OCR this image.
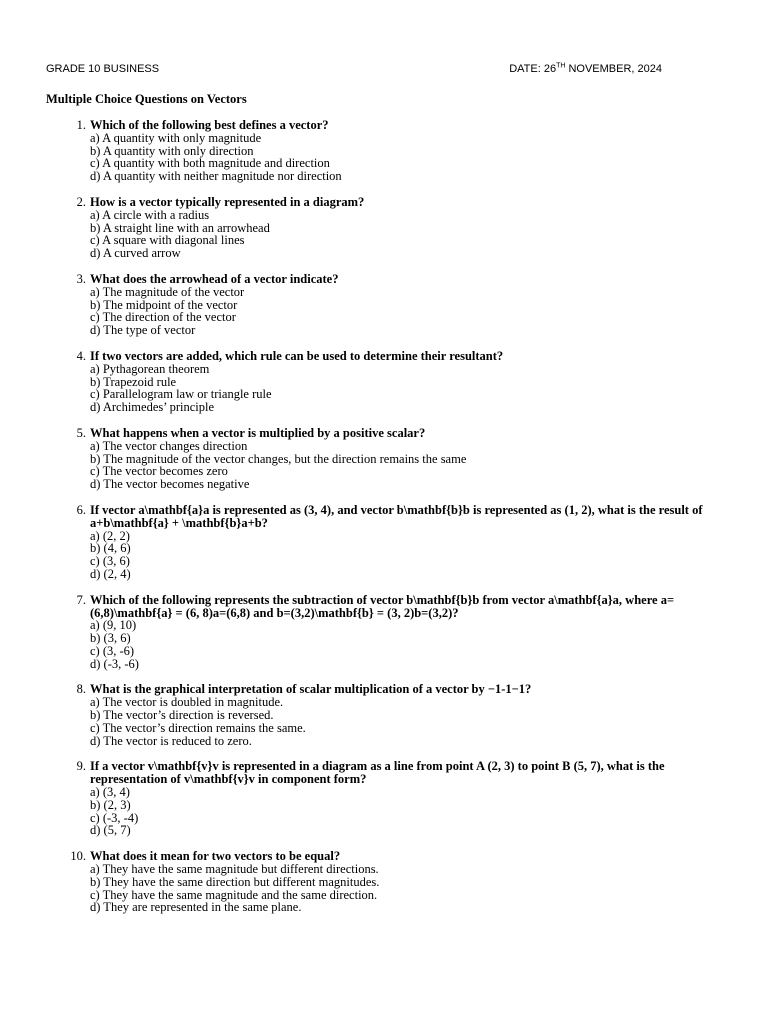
GRADE 10 BUSINESS	DATE: 26TH NOVEMBER, 2024
Multiple Choice Questions on Vectors
1. Which of the following best defines a vector?
a) A quantity with only magnitude
b) A quantity with only direction
c) A quantity with both magnitude and direction
d) A quantity with neither magnitude nor direction
2. How is a vector typically represented in a diagram?
a) A circle with a radius
b) A straight line with an arrowhead
c) A square with diagonal lines
d) A curved arrow
3. What does the arrowhead of a vector indicate?
a) The magnitude of the vector
b) The midpoint of the vector
c) The direction of the vector
d) The type of vector
4. If two vectors are added, which rule can be used to determine their resultant?
a) Pythagorean theorem
b) Trapezoid rule
c) Parallelogram law or triangle rule
d) Archimedes’ principle
5. What happens when a vector is multiplied by a positive scalar?
a) The vector changes direction
b) The magnitude of the vector changes, but the direction remains the same
c) The vector becomes zero
d) The vector becomes negative
6. If vector a\mathbf{a}a is represented as (3, 4), and vector b\mathbf{b}b is represented as (1, 2), what is the result of a+b\mathbf{a} + \mathbf{b}a+b?
a) (2, 2)
b) (4, 6)
c) (3, 6)
d) (2, 4)
7. Which of the following represents the subtraction of vector b\mathbf{b}b from vector a\mathbf{a}a, where a=(6,8)\mathbf{a} = (6, 8)a=(6,8) and b=(3,2)\mathbf{b} = (3, 2)b=(3,2)?
a) (9, 10)
b) (3, 6)
c) (3, -6)
d) (-3, -6)
8. What is the graphical interpretation of scalar multiplication of a vector by −1-1−1?
a) The vector is doubled in magnitude.
b) The vector’s direction is reversed.
c) The vector’s direction remains the same.
d) The vector is reduced to zero.
9. If a vector v\mathbf{v}v is represented in a diagram as a line from point A (2, 3) to point B (5, 7), what is the representation of v\mathbf{v}v in component form?
a) (3, 4)
b) (2, 3)
c) (-3, -4)
d) (5, 7)
10. What does it mean for two vectors to be equal?
a) They have the same magnitude but different directions.
b) They have the same direction but different magnitudes.
c) They have the same magnitude and the same direction.
d) They are represented in the same plane.
